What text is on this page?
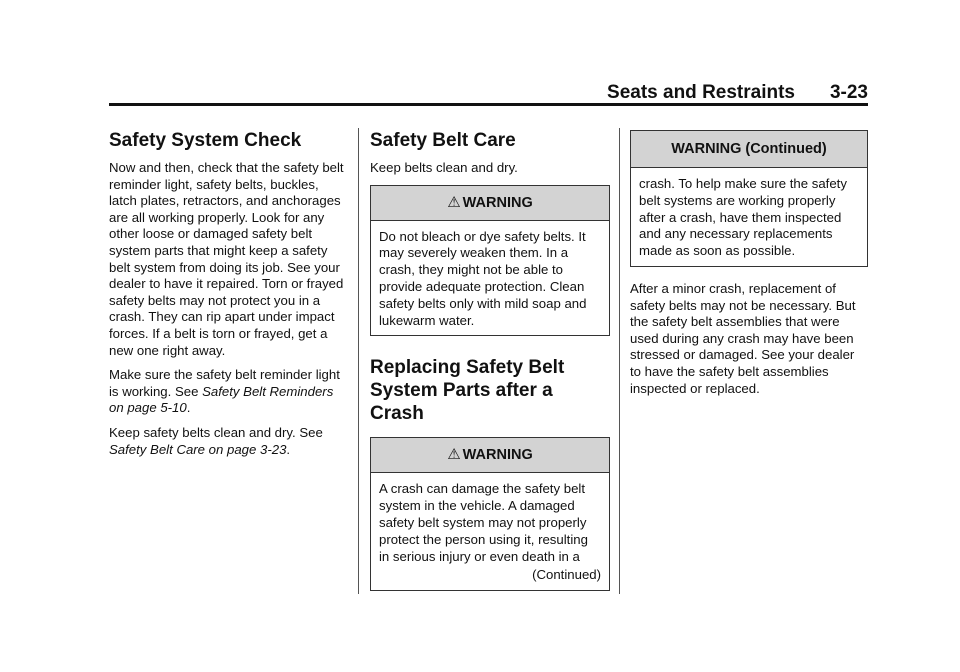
Seats and Restraints 3-23
Safety System Check

Now and then, check that the safety belt reminder light, safety belts, buckles, latch plates, retractors, and anchorages are all working properly. Look for any other loose or damaged safety belt system parts that might keep a safety belt system from doing its job. See your dealer to have it repaired. Torn or frayed safety belts may not protect you in a crash. They can rip apart under impact forces. If a belt is torn or frayed, get a new one right away.

Make sure the safety belt reminder light is working. See Safety Belt Reminders on page 5-10.

Keep safety belts clean and dry. See Safety Belt Care on page 3-23.

Safety Belt Care

Keep belts clean and dry.

⚠ WARNING
Do not bleach or dye safety belts. It may severely weaken them. In a crash, they might not be able to provide adequate protection. Clean safety belts only with mild soap and lukewarm water.
Replacing Safety Belt System Parts after a Crash
⚠ WARNING
A crash can damage the safety belt system in the vehicle. A damaged safety belt system may not properly protect the person using it, resulting in serious injury or even death in a
(Continued)
WARNING (Continued)
crash. To help make sure the safety belt systems are working properly after a crash, have them inspected and any necessary replacements made as soon as possible.

After a minor crash, replacement of safety belts may not be necessary. But the safety belt assemblies that were used during any crash may have been stressed or damaged. See your dealer to have the safety belt assemblies inspected or replaced.
